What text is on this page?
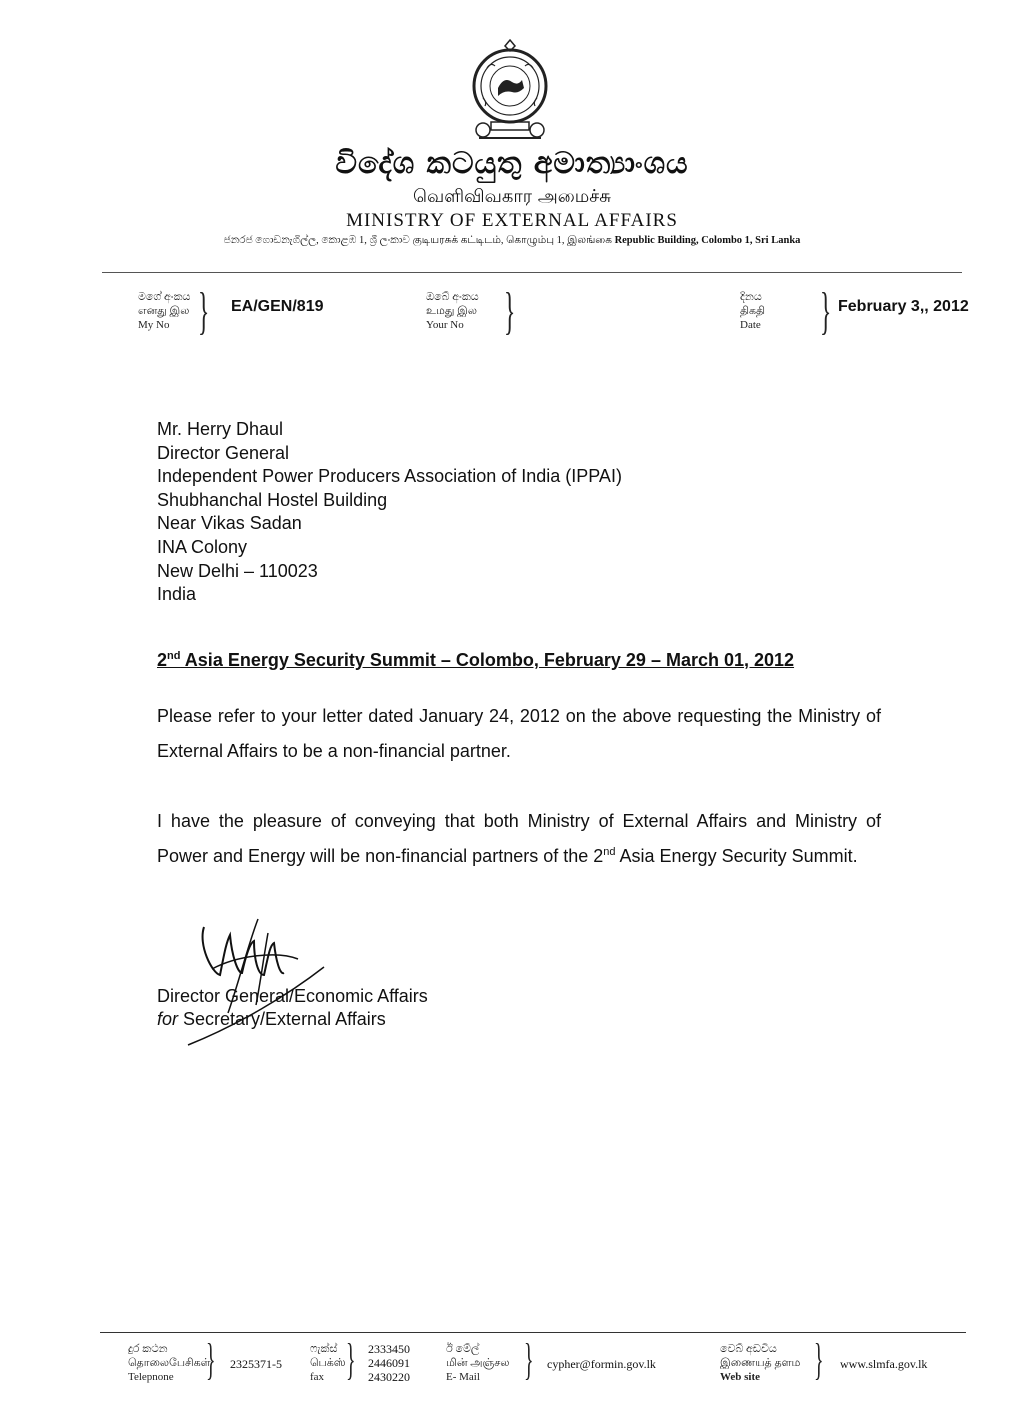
විදේශ කටයුතු අමාත්‍යාංශය
வெளிவிவகார அமைச்சு
MINISTRY OF EXTERNAL AFFAIRS
ජනරජ ගොඩනැගිල්ල, කොළඹ 1, ශ්‍රී ලංකාව குடியரசுக் கட்டிடம், கொழும்பு 1, இலங்கை Republic Building, Colombo 1, Sri Lanka
මගේ අංකය
எனது இல
My No } EA/GEN/819
ඔබේ අංකය
உமது இல
Your No }	දිනය
திகதி
Date } February 3,, 2012
Mr. Herry Dhaul
Director General
Independent Power Producers Association of India (IPPAI)
Shubhanchal Hostel Building
Near Vikas Sadan
INA Colony
New Delhi – 110023
India
2nd Asia Energy Security Summit – Colombo, February 29 – March 01, 2012
Please refer to your letter dated January 24, 2012 on the above requesting the Ministry of External Affairs to be a non-financial partner.
I have the pleasure of conveying that both Ministry of External Affairs and Ministry of Power and Energy will be non-financial partners of the 2nd Asia Energy Security Summit.
Director General/Economic Affairs
for Secretary/External Affairs
දුර කථන
தொலைபேசிகள்
Telepnone } 2325371-5
ෆැක්ස්
பெக்ஸ்
fax } 2333450
2446091
2430220
ඊ මේල්
மின் அஞ்சல
E- Mail	} cypher@formin.gov.lk
වෙබ් අඩවිය
இணையத் தளம
Web site	} www.slmfa.gov.lk
